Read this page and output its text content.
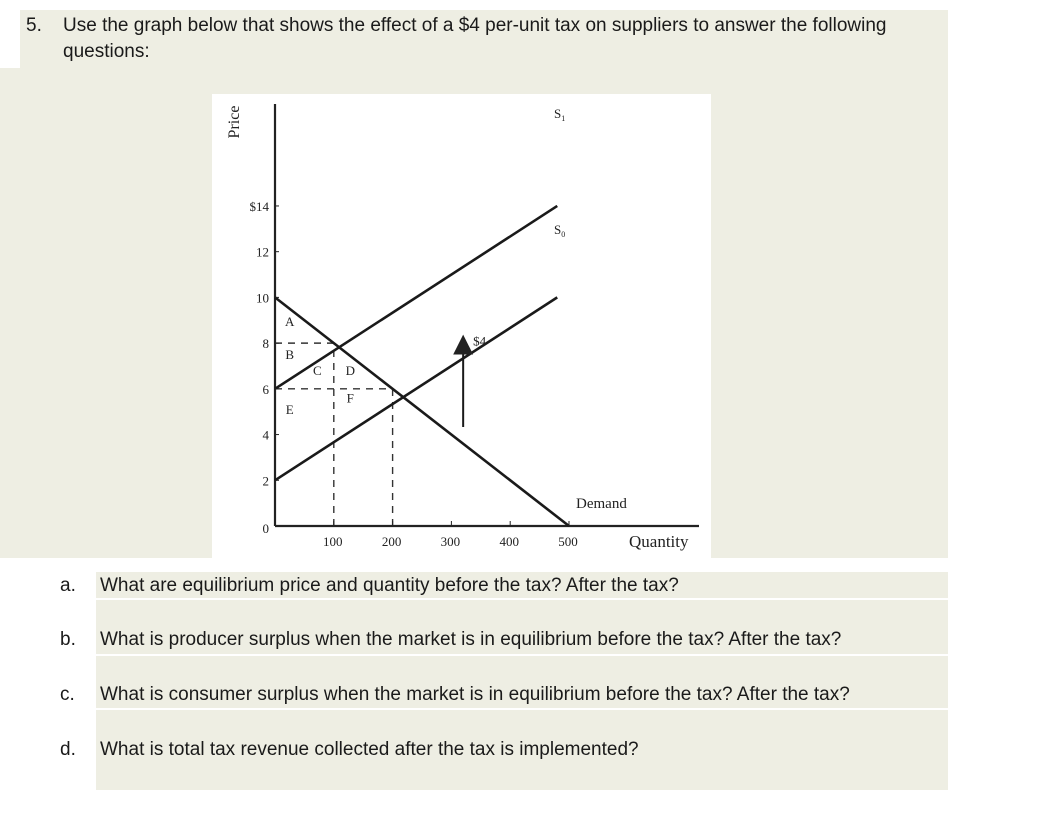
5.	Use the graph below that shows the effect of a $4 per-unit tax on suppliers to answer the following questions:
$14
12
10
8
6
4
2
0
100	200	300	400	500
Price
Quantity
Demand
$S_1$
$S_0$
$4
A
B
C D
E
F
a.	What are equilibrium price and quantity before the tax? After the tax?
b.	What is producer surplus when the market is in equilibrium before the tax? After the tax?
c.	What is consumer surplus when the market is in equilibrium before the tax? After the tax?
d.	What is total tax revenue collected after the tax is implemented?
